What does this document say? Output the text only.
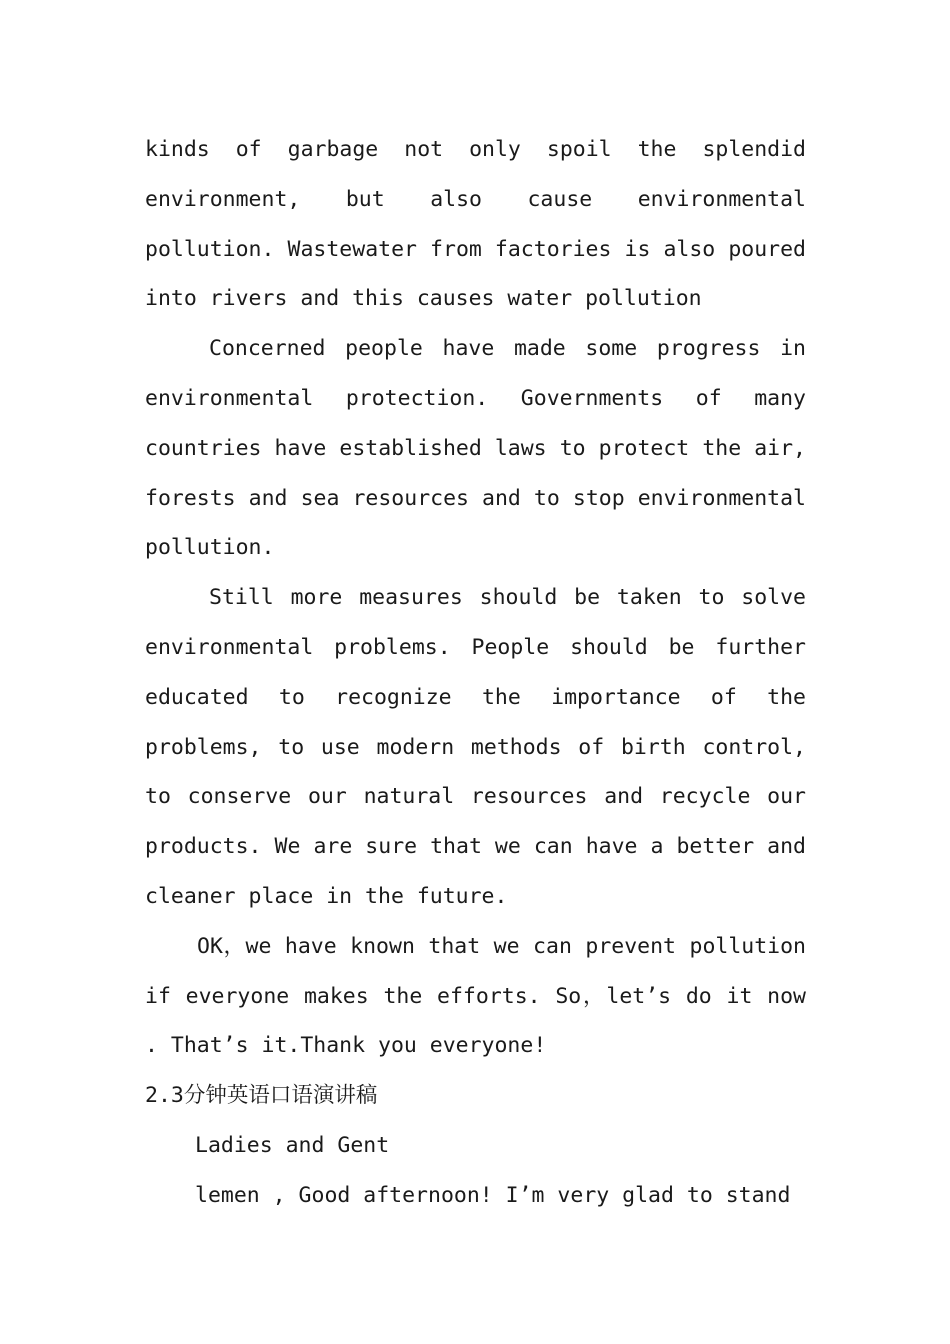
kinds of garbage not only spoil the splendid environment, but also cause environmental pollution. Wastewater from factories is also poured into rivers and this causes water pollution

Concerned people have made some progress in environmental protection. Governments of many countries have established laws to protect the air, forests and sea resources and to stop environmental pollution.

Still more measures should be taken to solve environmental problems. People should be further educated to recognize the importance of the problems, to use modern methods of birth control, to conserve our natural resources and recycle our products. We are sure that we can have a better and cleaner place in the future.

OK，we have known that we can prevent pollution if everyone makes the efforts. So，let’s do it now . That’s it.Thank you everyone!

2.3分钟英语口语演讲稿

Ladies and Gent

lemen , Good afternoon! I’m very glad to stand
